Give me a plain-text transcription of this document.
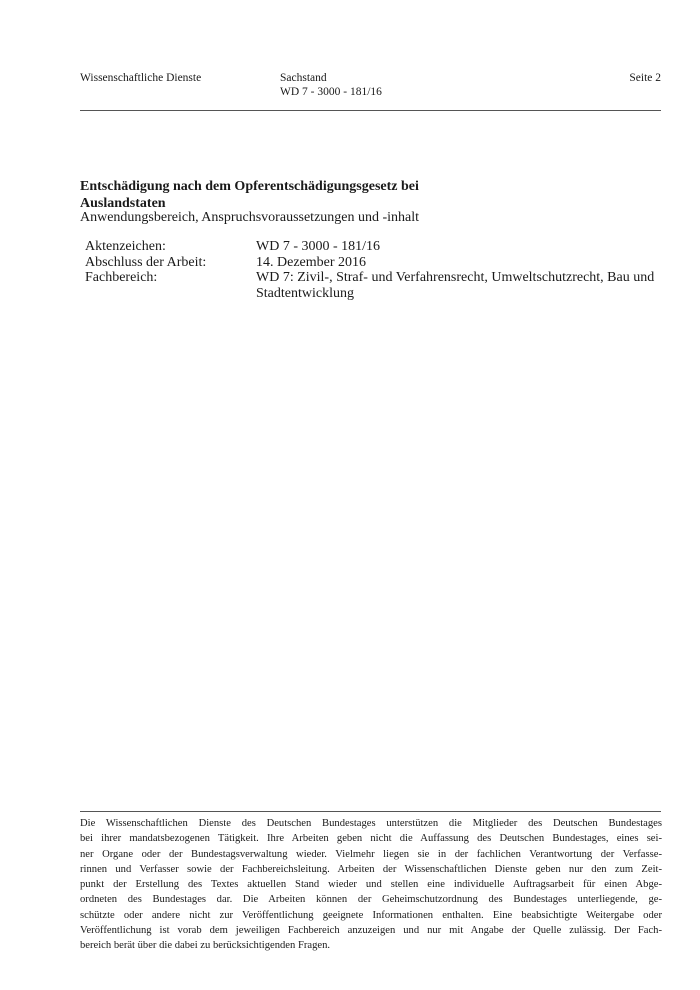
Wissenschaftliche Dienste	Sachstand
WD 7 - 3000 - 181/16
Seite 2
Entschädigung nach dem Opferentschädigungsgesetz bei
Auslandstaten
Anwendungsbereich, Anspruchsvoraussetzungen und -inhalt
Aktenzeichen:	WD 7 - 3000 - 181/16
Abschluss der Arbeit:	14. Dezember 2016
Fachbereich:	WD 7: Zivil-, Straf- und Verfahrensrecht, Umweltschutzrecht, Bau und Stadtentwicklung
Die Wissenschaftlichen Dienste des Deutschen Bundestages unterstützen die Mitglieder des Deutschen Bundestages
bei ihrer mandatsbezogenen Tätigkeit. Ihre Arbeiten geben nicht die Auffassung des Deutschen Bundestages, eines sei-
ner Organe oder der Bundestagsverwaltung wieder. Vielmehr liegen sie in der fachlichen Verantwortung der Verfasse-
rinnen und Verfasser sowie der Fachbereichsleitung. Arbeiten der Wissenschaftlichen Dienste geben nur den zum Zeit-
punkt der Erstellung des Textes aktuellen Stand wieder und stellen eine individuelle Auftragsarbeit für einen Abge-
ordneten des Bundestages dar. Die Arbeiten können der Geheimschutzordnung des Bundestages unterliegende, ge-
schützte oder andere nicht zur Veröffentlichung geeignete Informationen enthalten. Eine beabsichtigte Weitergabe oder
Veröffentlichung ist vorab dem jeweiligen Fachbereich anzuzeigen und nur mit Angabe der Quelle zulässig. Der Fach-
bereich berät über die dabei zu berücksichtigenden Fragen.
